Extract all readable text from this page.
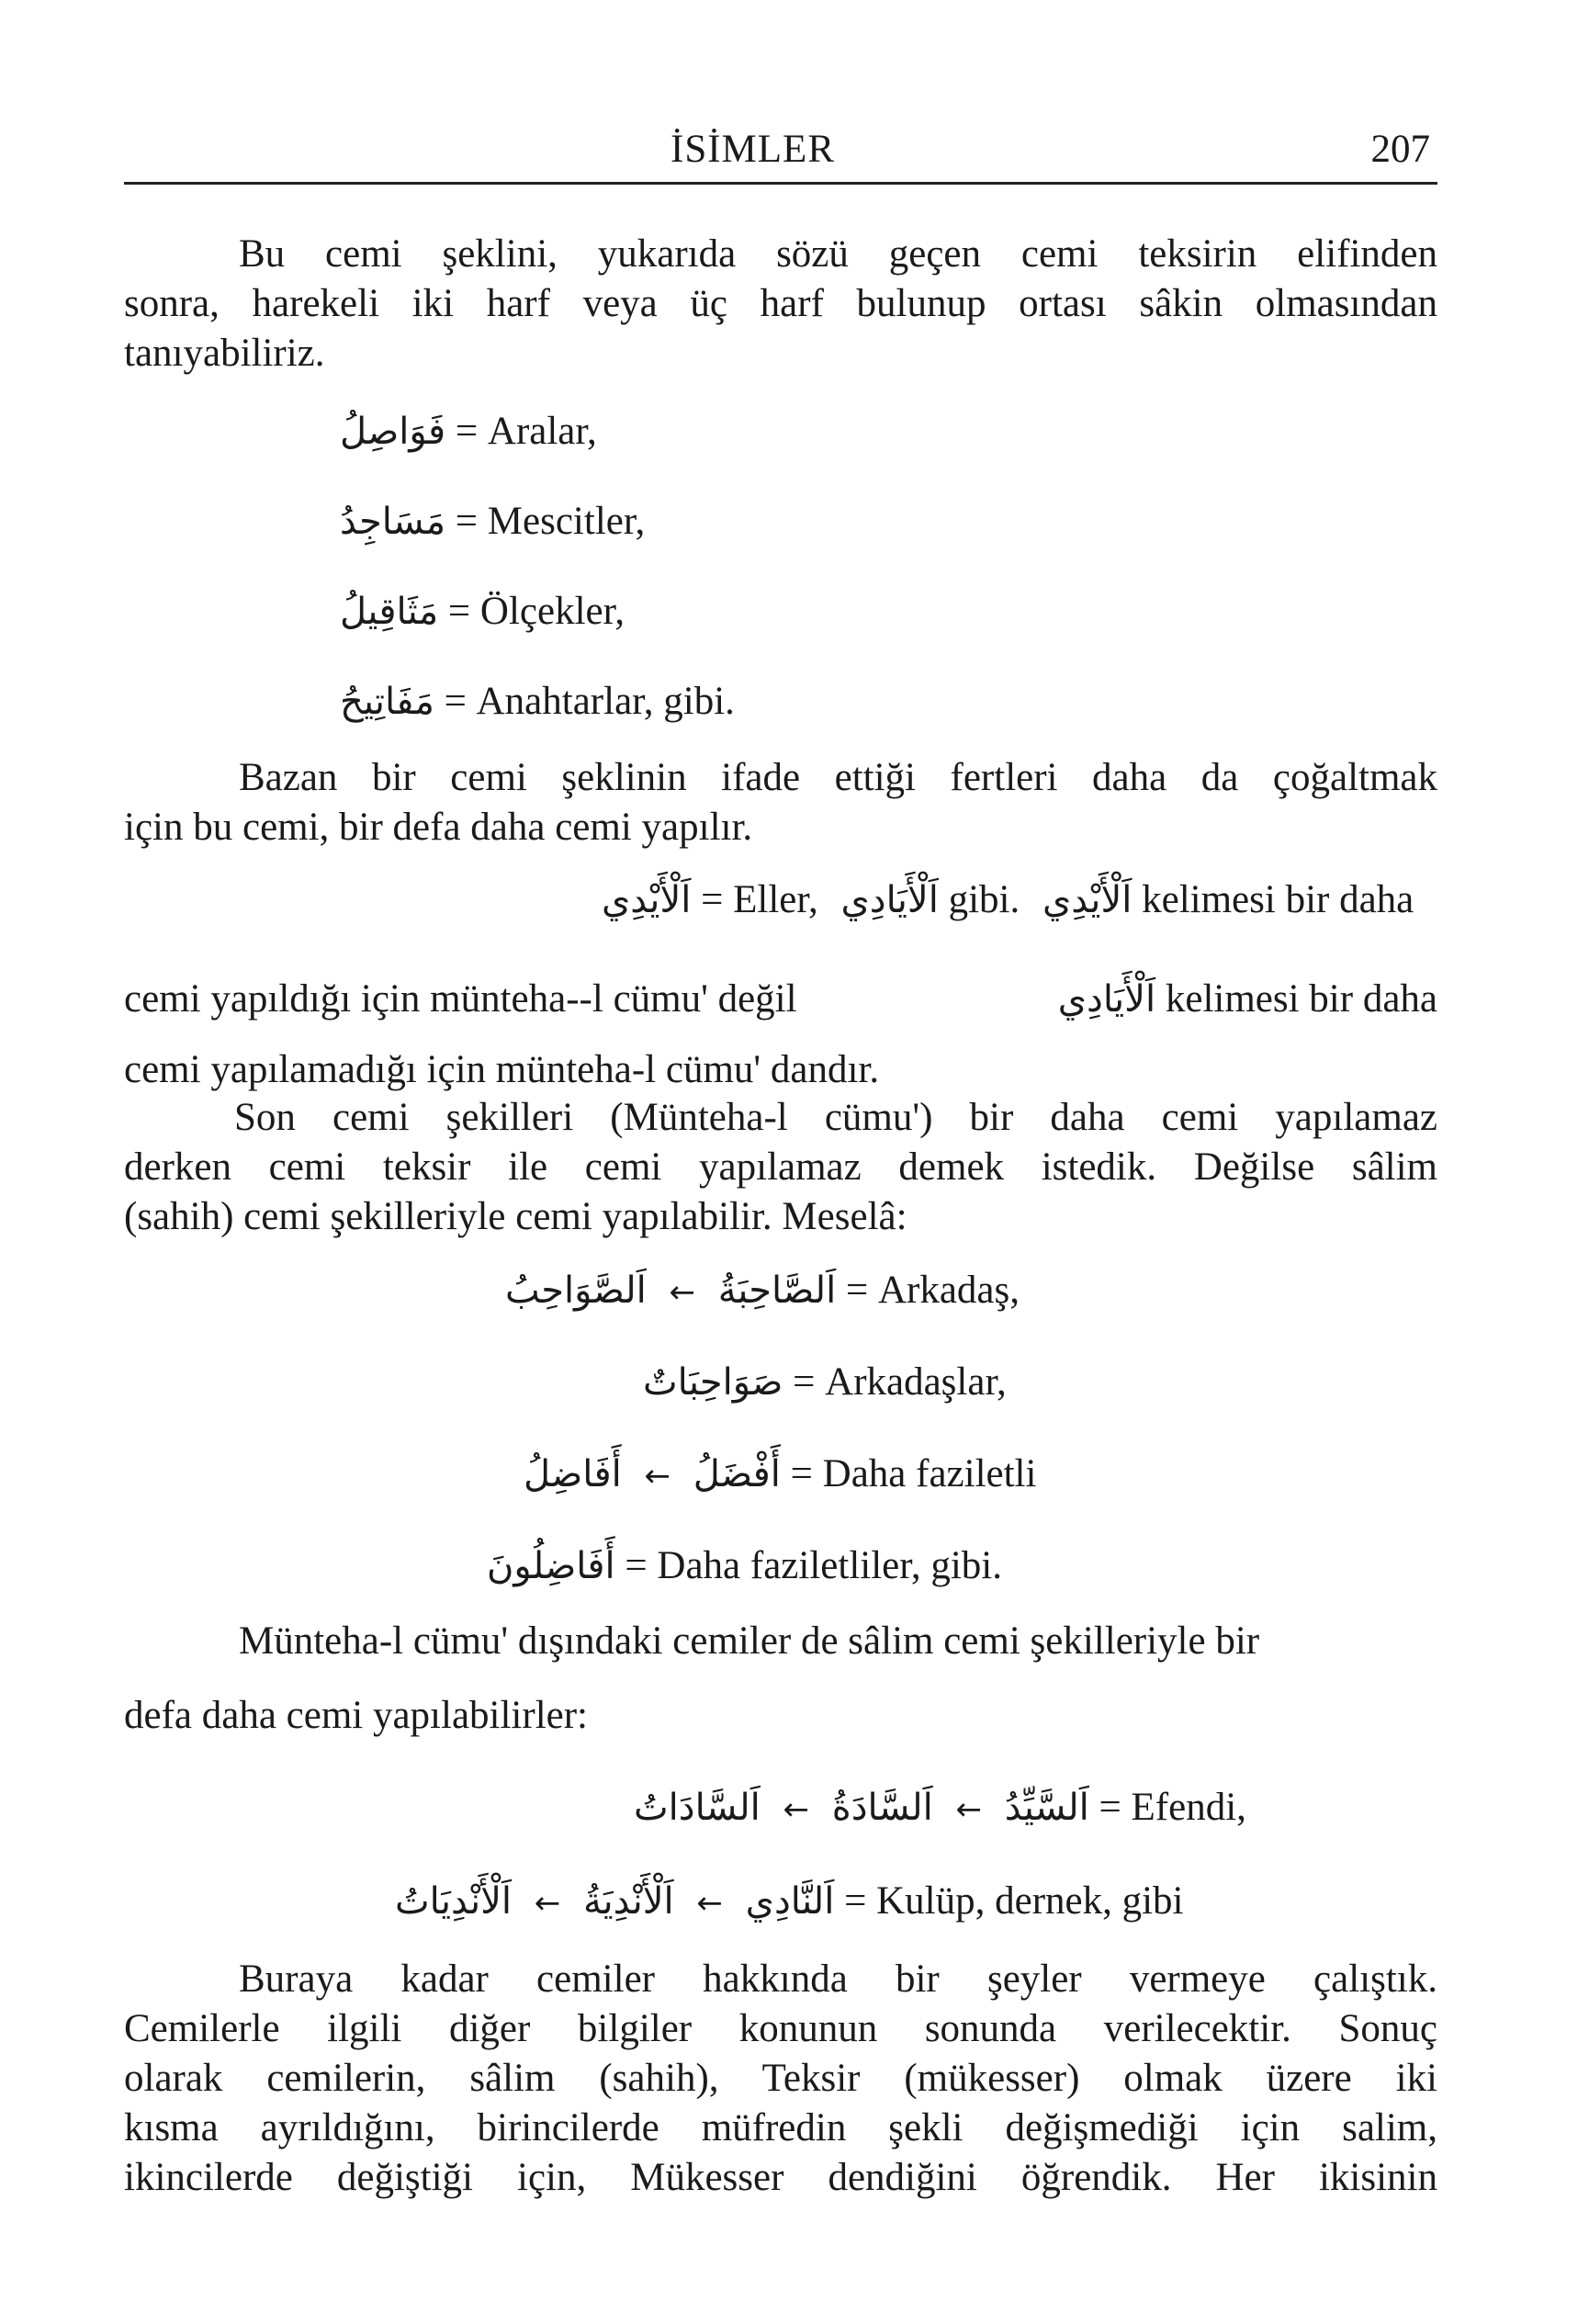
İSİMLER	207
Bu cemi şeklini, yukarıda sözü geçen cemi teksirin elifinden
sonra, harekeli iki harf veya üç harf bulunup ortası sâkin olmasından
tanıyabiliriz.
فَوَاصِلُ = Aralar,
مَسَاجِدُ = Mescitler,
مَثَاقِيلُ = Ölçekler,
مَفَاتِيحُ = Anahtarlar, gibi.
Bazan bir cemi şeklinin ifade ettiği fertleri daha da çoğaltmak
için bu cemi, bir defa daha cemi yapılır.
اَلْأَيْدِي = Eller, اَلْأَيَادِي gibi. اَلْأَيْدِي kelimesi bir daha
cemi yapıldığı için münteha--l cümu' değil	اَلْأَيَادِي kelimesi bir daha
cemi yapılamadığı için münteha-l cümu' dandır.
Son cemi şekilleri (Münteha-l cümu') bir daha cemi yapılamaz
derken cemi teksir ile cemi yapılamaz demek istedik. Değilse sâlim
(sahih) cemi şekilleriyle cemi yapılabilir. Meselâ:
اَلصَّوَاحِبُ ← اَلصَّاحِبَةُ = Arkadaş,
صَوَاحِبَاتٌ = Arkadaşlar,
أَفَاضِلُ ← أَفْضَلُ = Daha faziletli
أَفَاضِلُونَ = Daha faziletliler, gibi.
Münteha-l cümu' dışındaki cemiler de sâlim cemi şekilleriyle bir
defa daha cemi yapılabilirler:
اَلسَّادَاتُ ← اَلسَّادَةُ ← اَلسَّيِّدُ = Efendi,
اَلْأَنْدِيَاتُ ← اَلْأَنْدِيَةُ ← اَلنَّادِي = Kulüp, dernek, gibi
Buraya kadar cemiler hakkında bir şeyler vermeye çalıştık.
Cemilerle ilgili diğer bilgiler konunun sonunda verilecektir. Sonuç
olarak cemilerin, sâlim (sahih), Teksir (mükesser) olmak üzere iki
kısma ayrıldığını, birincilerde müfredin şekli değişmediği için salim,
ikincilerde değiştiği için, Mükesser dendiğini öğrendik. Her ikisinin
